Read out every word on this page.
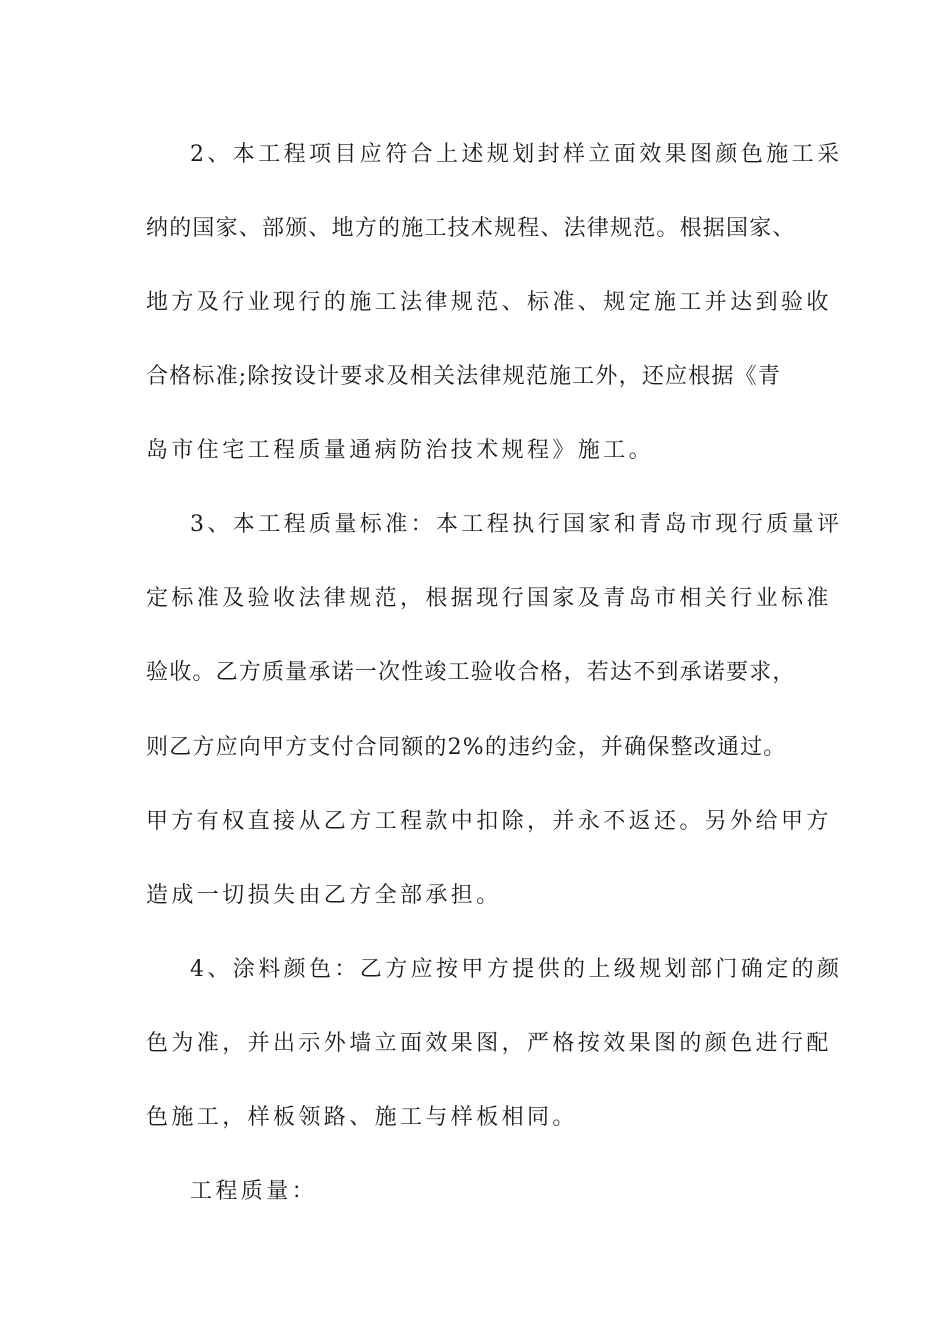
2、本工程项目应符合上述规划封样立面效果图颜色施工采
纳的国家、部颁、地方的施工技术规程、法律规范。根据国家、
地方及行业现行的施工法律规范、标准、规定施工并达到验收
合格标准;除按设计要求及相关法律规范施工外，还应根据《青
岛市住宅工程质量通病防治技术规程》施工。
3、本工程质量标准：本工程执行国家和青岛市现行质量评
定标准及验收法律规范，根据现行国家及青岛市相关行业标准
验收。乙方质量承诺一次性竣工验收合格，若达不到承诺要求，
则乙方应向甲方支付合同额的2%的违约金，并确保整改通过。
甲方有权直接从乙方工程款中扣除，并永不返还。另外给甲方
造成一切损失由乙方全部承担。
4、涂料颜色：乙方应按甲方提供的上级规划部门确定的颜
色为准，并出示外墙立面效果图，严格按效果图的颜色进行配
色施工，样板领路、施工与样板相同。
工程质量：
